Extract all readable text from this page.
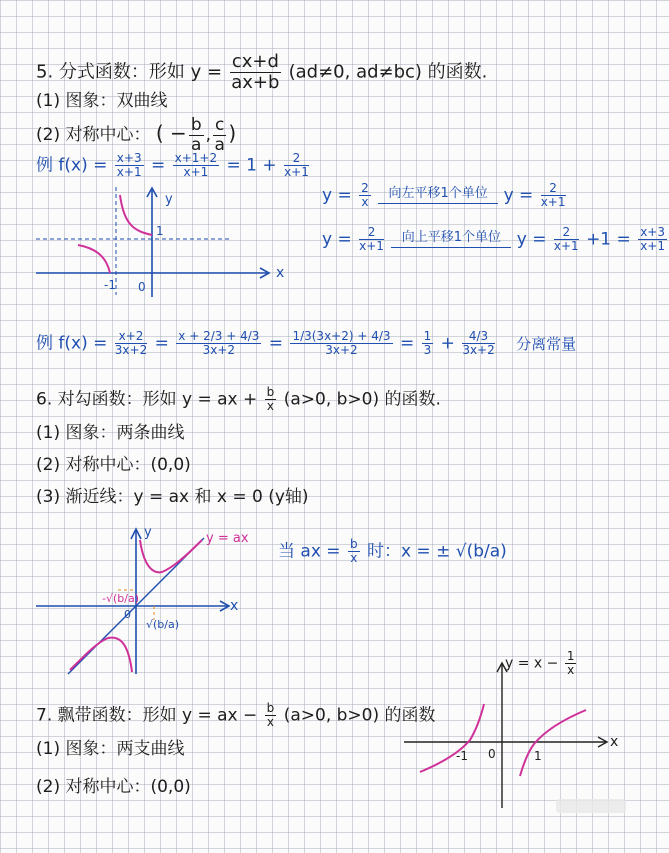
5. 分式函数：形如 $y = \frac{cx+d}{ax+b} (ad\ne 0$, ad≠bc) 的函数.
(1) 图象：双曲线
(2) 对称中心： ( − $\frac{b}{a}$ , $\frac{c}{a}$ )
例 $f(x) = \frac{x+3}{x+1} = \frac{x+1+2}{x+1} = 1 + \frac{2}{x+1}$
y
x
1
-1 0
$y = \frac{2}{x}$
	向左平移1个单位 $y = \frac{2}{x+1}$
$y = \frac{2}{x+1}$
	向上平移1个单位 $y = \frac{2}{x+1} +1 = \frac{x+3}{x+1}$
例 $f(x) = \frac{x+2}{3x+2} = \frac{x + 2/3 + 4/3}{3x+2} = \frac{1/3(3x+2) + 4/3}{3x+2} = \frac{1}{3} + \frac{4/3}{3x+2}$ 分离常量
6. 对勾函数：形如 y = ax + $\frac{b}{x} (a>0$, b>0) 的函数.
(1) 图象：两条曲线
(2) 对称中心：(0,0)
(3) 渐近线：y = ax 和 x = 0 (y轴)
y
x
y = ax
-√(b/a)
√(b/a)
0
当 ax = $\frac{b}{x}$ 时：x = ± √(b/a)
7. 飘带函数：形如 y = ax − $\frac{b}{x} (a>0$, b>0) 的函数
(1) 图象：两支曲线
(2) 对称中心：(0,0)
$y = x - \frac{1}{x}$
x
-1 0	1
